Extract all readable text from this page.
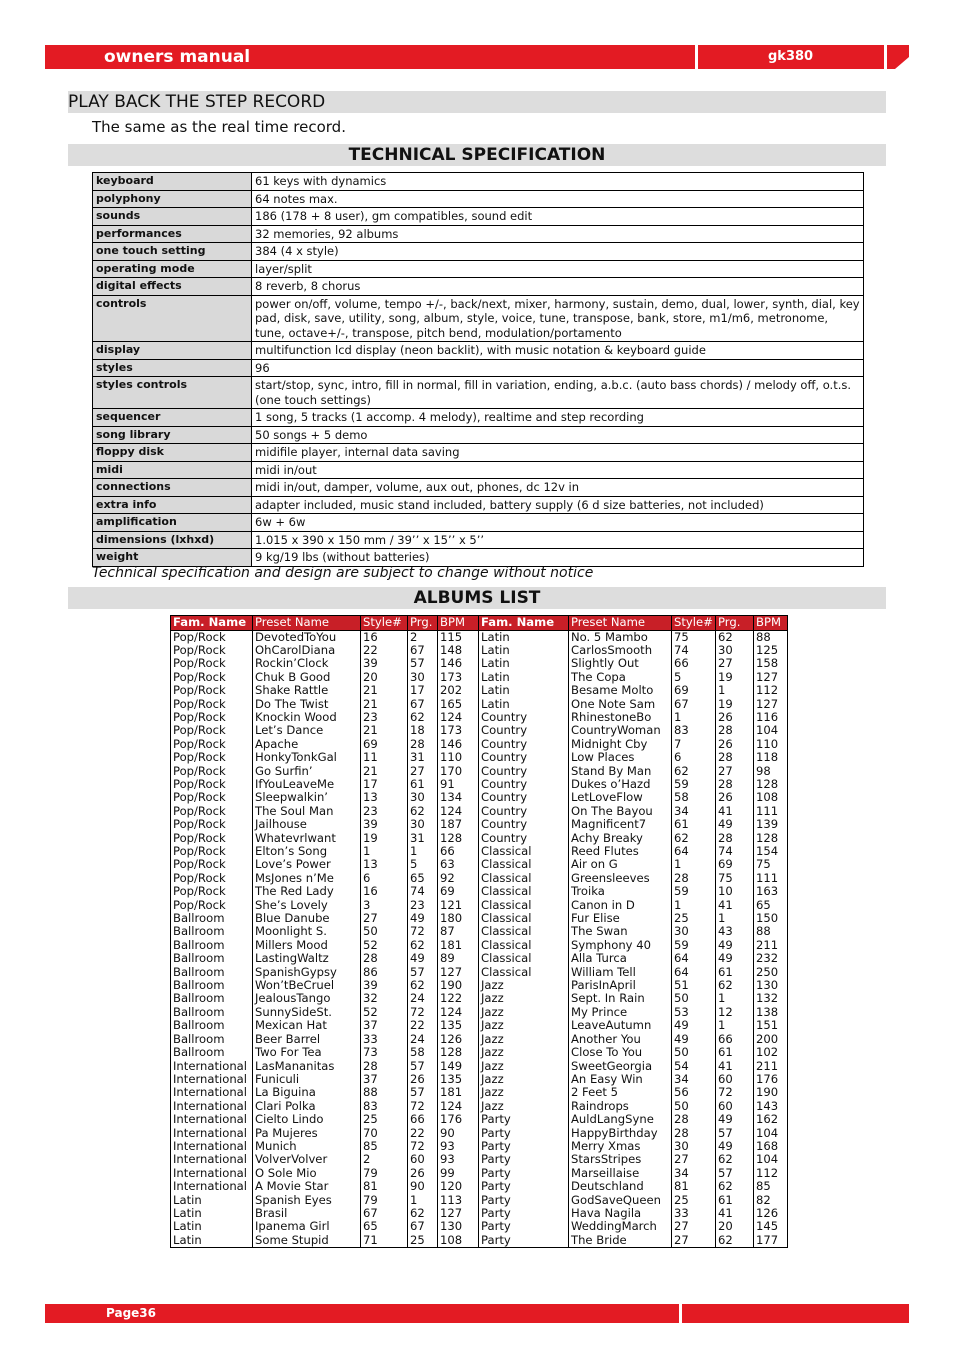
owners manual	gk380
PLAY BACK THE STEP RECORD
The same as the real time record.
TECHNICAL SPECIFICATION
keyboard	61 keys with dynamics
polyphony	64 notes max.
sounds	186 (178 + 8 user), gm compatibles, sound edit
performances	32 memories, 92 albums
one touch setting	384 (4 x style)
operating mode	layer/split
digital effects	8 reverb, 8 chorus
controls	power on/off, volume, tempo +/-, back/next, mixer, harmony, sustain, demo, dual, lower, synth, dial, key pad, disk, save, utility, song, album, style, voice, tune, transpose, bank, store, m1/m6, metronome, tune, octave+/-, transpose, pitch bend, modulation/portamento
display	multifunction lcd display (neon backlit), with music notation & keyboard guide
styles	96
styles controls	start/stop, sync, intro, fill in normal, fill in variation, ending, a.b.c. (auto bass chords) / melody off, o.t.s. (one touch settings)
sequencer	1 song, 5 tracks (1 accomp. 4 melody), realtime and step recording
song library	50 songs + 5 demo
floppy disk	midifile player, internal data saving
midi	midi in/out
connections	midi in/out, damper, volume, aux out, phones, dc 12v in
extra info	adapter included, music stand included, battery supply (6 d size batteries, not included)
amplification	6w + 6w
dimensions (lxhxd)	1.015 x 390 x 150 mm / 39’’ x 15’’ x 5’’
weight	9 kg/19 lbs (without batteries)
Technical specification and design are subject to change without notice
ALBUMS LIST
Fam. Name	Preset Name	Style#	Prg.	BPM	Fam. Name	Preset Name	Style#	Prg.	BPM
Pop/Rock	DevotedToYou	16	2	115	Latin	No. 5 Mambo	75	62	88
Pop/Rock	OhCarolDiana	22	67	148	Latin	CarlosSmooth	74	30	125
Pop/Rock	Rockin’Clock	39	57	146	Latin	Slightly Out	66	27	158
Pop/Rock	Chuk B Good	20	30	173	Latin	The Copa	5	19	127
Pop/Rock	Shake Rattle	21	17	202	Latin	Besame Molto	69	1	112
Pop/Rock	Do The Twist	21	67	165	Latin	One Note Sam	67	19	127
Pop/Rock	Knockin Wood	23	62	124	Country	RhinestoneBo	1	26	116
Pop/Rock	Let’s Dance	21	18	173	Country	CountryWoman	83	28	104
Pop/Rock	Apache	69	28	146	Country	Midnight Cby	7	26	110
Pop/Rock	HonkyTonkGal	11	31	110	Country	Low Places	6	28	118
Pop/Rock	Go Surfin’	21	27	170	Country	Stand By Man	62	27	98
Pop/Rock	IfYouLeaveMe	17	61	91	Country	Dukes o’Hazd	59	28	128
Pop/Rock	Sleepwalkin’	13	30	134	Country	LetLoveFlow	58	26	108
Pop/Rock	The Soul Man	23	62	124	Country	On The Bayou	34	41	111
Pop/Rock	Jailhouse	39	30	187	Country	Magnificent7	61	49	139
Pop/Rock	Whatevrlwant	19	31	128	Country	Achy Breaky	62	28	128
Pop/Rock	Elton’s Song	1	1	66	Classical	Reed Flutes	64	74	154
Pop/Rock	Love’s Power	13	5	63	Classical	Air on G	1	69	75
Pop/Rock	MsJones n’Me	6	65	92	Classical	Greensleeves	28	75	111
Pop/Rock	The Red Lady	16	74	69	Classical	Troika	59	10	163
Pop/Rock	She’s Lovely	3	23	121	Classical	Canon in D	1	41	65
Ballroom	Blue Danube	27	49	180	Classical	Fur Elise	25	1	150
Ballroom	Moonlight S.	50	72	87	Classical	The Swan	30	43	88
Ballroom	Millers Mood	52	62	181	Classical	Symphony 40	59	49	211
Ballroom	LastingWaltz	28	49	89	Classical	Alla Turca	64	49	232
Ballroom	SpanishGypsy	86	57	127	Classical	William Tell	64	61	250
Ballroom	Won’tBeCruel	39	62	190	Jazz	ParisInApril	51	62	130
Ballroom	JealousTango	32	24	122	Jazz	Sept. In Rain	50	1	132
Ballroom	SunnySideSt.	52	72	124	Jazz	My Prince	53	12	138
Ballroom	Mexican Hat	37	22	135	Jazz	LeaveAutumn	49	1	151
Ballroom	Beer Barrel	33	24	126	Jazz	Another You	49	66	200
Ballroom	Two For Tea	73	58	128	Jazz	Close To You	50	61	102
International	LasMananitas	28	57	149	Jazz	SweetGeorgia	54	41	211
International	Funiculi	37	26	135	Jazz	An Easy Win	34	60	176
International	La Biguina	88	57	181	Jazz	2 Feet 5	56	72	190
International	Clari Polka	83	72	124	Jazz	Raindrops	50	60	143
International	Cielto Lindo	25	66	176	Party	AuldLangSyne	28	49	162
International	Pa Mujeres	70	22	90	Party	HappyBirthday	28	57	104
International	Munich	85	72	93	Party	Merry Xmas	30	49	168
International	VolverVolver	2	60	93	Party	StarsStripes	27	62	104
International	O Sole Mio	79	26	99	Party	Marseillaise	34	57	112
International	A Movie Star	81	90	120	Party	Deutschland	81	62	85
Latin	Spanish Eyes	79	1	113	Party	GodSaveQueen	25	61	82
Latin	Brasil	67	62	127	Party	Hava Nagila	33	41	126
Latin	Ipanema Girl	65	67	130	Party	WeddingMarch	27	20	145
Latin	Some Stupid	71	25	108	Party	The Bride	27	62	177
Page36
